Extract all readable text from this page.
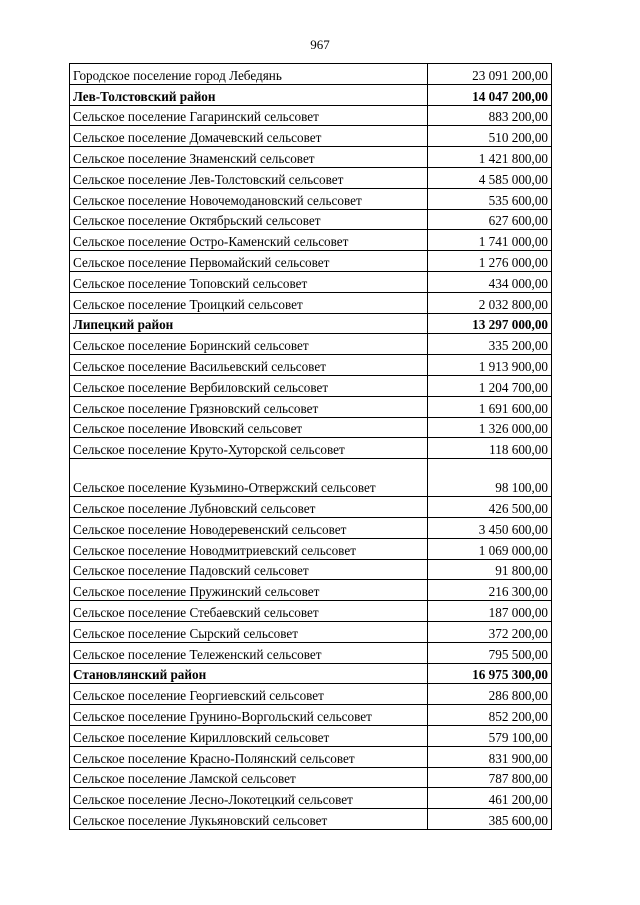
967
Городское поселение город Лебедянь	23 091 200,00
Лев-Толстовский район	14 047 200,00
Сельское поселение Гагаринский сельсовет	883 200,00
Сельское поселение Домачевский сельсовет	510 200,00
Сельское поселение Знаменский сельсовет	1 421 800,00
Сельское поселение Лев-Толстовский сельсовет	4 585 000,00
Сельское поселение Новочемодановский сельсовет	535 600,00
Сельское поселение Октябрьский сельсовет	627 600,00
Сельское поселение Остро-Каменский сельсовет	1 741 000,00
Сельское поселение Первомайский сельсовет	1 276 000,00
Сельское поселение Топовский сельсовет	434 000,00
Сельское поселение Троицкий сельсовет	2 032 800,00
Липецкий район	13 297 000,00
Сельское поселение Боринский сельсовет	335 200,00
Сельское поселение Васильевский сельсовет	1 913 900,00
Сельское поселение Вербиловский сельсовет	1 204 700,00
Сельское поселение Грязновский сельсовет	1 691 600,00
Сельское поселение Ивовский сельсовет	1 326 000,00
Сельское поселение Круто-Хуторской сельсовет	118 600,00
Сельское поселение Кузьмино-Отвержский сельсовет	98 100,00
Сельское поселение Лубновский сельсовет	426 500,00
Сельское поселение Новодеревенский сельсовет	3 450 600,00
Сельское поселение Новодмитриевский сельсовет	1 069 000,00
Сельское поселение Падовский сельсовет	91 800,00
Сельское поселение Пружинский сельсовет	216 300,00
Сельское поселение Стебаевский сельсовет	187 000,00
Сельское поселение Сырский сельсовет	372 200,00
Сельское поселение Тележенский сельсовет	795 500,00
Становлянский район	16 975 300,00
Сельское поселение Георгиевский сельсовет	286 800,00
Сельское поселение Грунино-Воргольский сельсовет	852 200,00
Сельское поселение Кирилловский сельсовет	579 100,00
Сельское поселение Красно-Полянский сельсовет	831 900,00
Сельское поселение Ламской сельсовет	787 800,00
Сельское поселение Лесно-Локотецкий сельсовет	461 200,00
Сельское поселение Лукьяновский сельсовет	385 600,00
